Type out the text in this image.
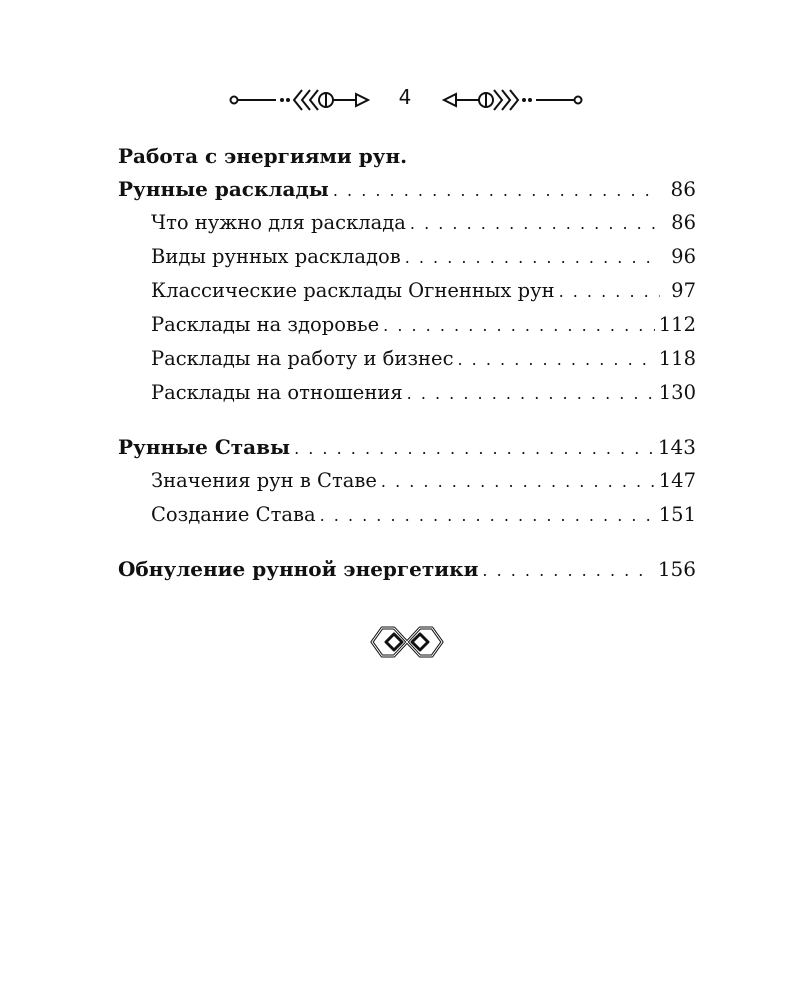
4
Работа с энергиями рун.
Рунные расклады . . .	86
Что нужно для расклада . . .	86
Виды рунных раскладов . . .	96
Классические расклады Огненных рун . . .	97
Расклады на здоровье . . .	112
Расклады на работу и бизнес . . .	118
Расклады на отношения . . .	130
Рунные Ставы . . .	143
Значения рун в Ставе . . .	147
Создание Става . . .	151
Обнуление рунной энергетики . . .	156
